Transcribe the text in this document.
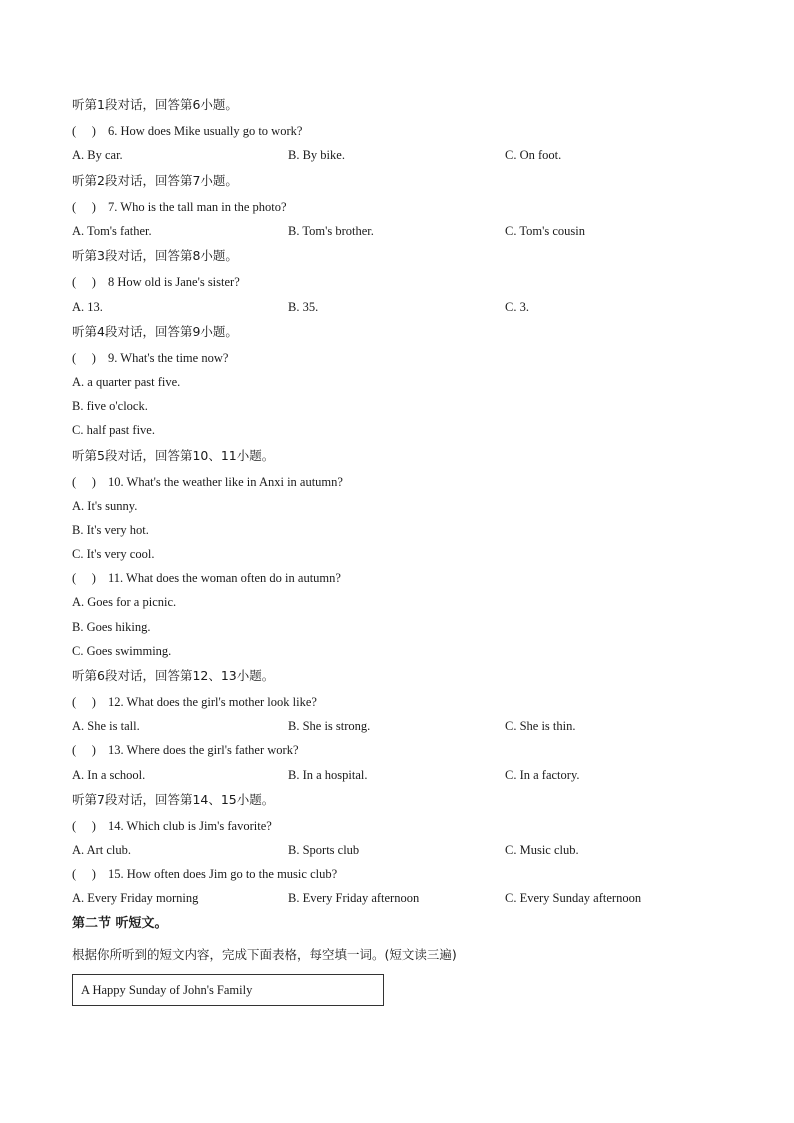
听第1段对话，回答第6小题。
(     ) 6. How does Mike usually go to work?
A. By car.	B. By bike.	C. On foot.
听第2段对话，回答第7小题。
(     ) 7. Who is the tall man in the photo?
A. Tom's father.	B. Tom's brother.	C. Tom's cousin
听第3段对话，回答第8小题。
(     ) 8 How old is Jane's sister?
A. 13.	B. 35.	C. 3.
听第4段对话，回答第9小题。
(     ) 9. What's the time now?
A. a quarter past five.
B. five o'clock.
C. half past five.
听第5段对话，回答第10、11小题。
(     ) 10. What's the weather like in Anxi in autumn?
A. It's sunny.
B. It's very hot.
C. It's very cool.
(     ) 11. What does the woman often do in autumn?
A. Goes for a picnic.
B. Goes hiking.
C. Goes swimming.
听第6段对话，回答第12、13小题。
(     ) 12. What does the girl's mother look like?
A. She is tall.	B. She is strong.	C. She is thin.
(     ) 13. Where does the girl's father work?
A. In a school.	B. In a hospital.	C. In a factory.
听第7段对话，回答第14、15小题。
(     ) 14. Which club is Jim's favorite?
A. Art club.	B. Sports club	C. Music club.
(     ) 15. How often does Jim go to the music club?
A. Every Friday morning	B. Every Friday afternoon	C. Every Sunday afternoon
第二节 听短文。
根据你所听到的短文内容，完成下面表格，每空填一词。(短文读三遍)
A Happy Sunday of John's Family
